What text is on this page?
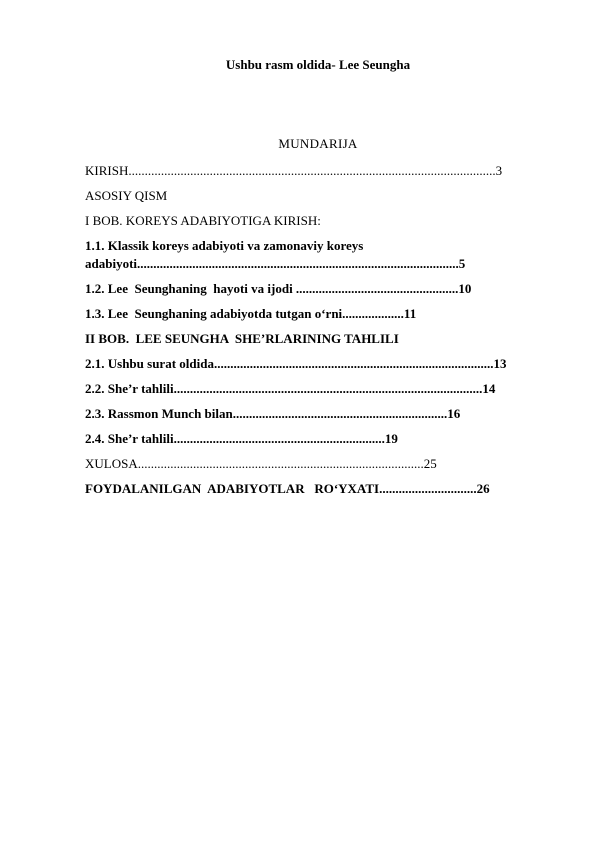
Ushbu rasm oldida- Lee Seungha
MUNDARIJA

KIRISH.................................................................................................................3

ASOSIY QISM

I BOB. KOREYS ADABIYOTIGA KIRISH:

1.1. Klassik koreys adabiyoti va zamonaviy koreys

adabiyoti...................................................................................................5

1.2. Lee  Seunghaning  hayoti va ijodi ..................................................10

1.3. Lee  Seunghaning adabiyotda tutgan o‘rni...................11

II BOB.  LEE SEUNGHA  SHE’RLARINING TAHLILI

2.1. Ushbu surat oldida......................................................................................13

2.2. She’r tahlili...............................................................................................14

2.3. Rassmon Munch bilan..................................................................16

2.4. She’r tahlili.................................................................19

XULOSA........................................................................................25

FOYDALANILGAN  ADABIYOTLAR   RO‘YXATI..............................26
